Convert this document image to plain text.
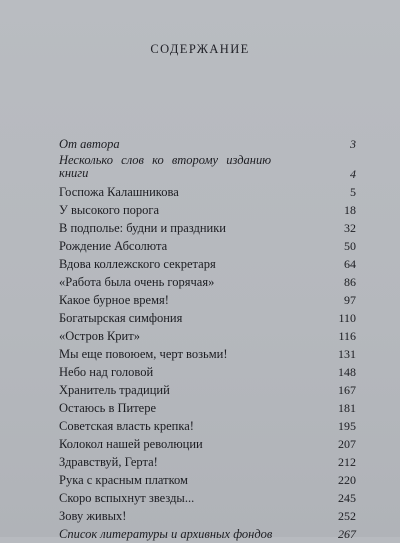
СОДЕРЖАНИЕ
От автора	3
Несколько слов ко второму изданию
книги	4
Госпожа Калашникова	5
У высокого порога	18
В подполье: будни и праздники	32
Рождение Абсолюта	50
Вдова коллежского секретаря	64
«Работа была очень горячая»	86
Какое бурное время!	97
Богатырская симфония	110
«Остров Крит»	116
Мы еще повоюем, черт возьми!	131
Небо над головой	148
Хранитель традиций	167
Остаюсь в Питере	181
Советская власть крепка!	195
Колокол нашей революции	207
Здравствуй, Герта!	212
Рука с красным платком	220
Скоро вспыхнут звезды...	245
Зову живых!	252
Список литературы и архивных фондов	267
